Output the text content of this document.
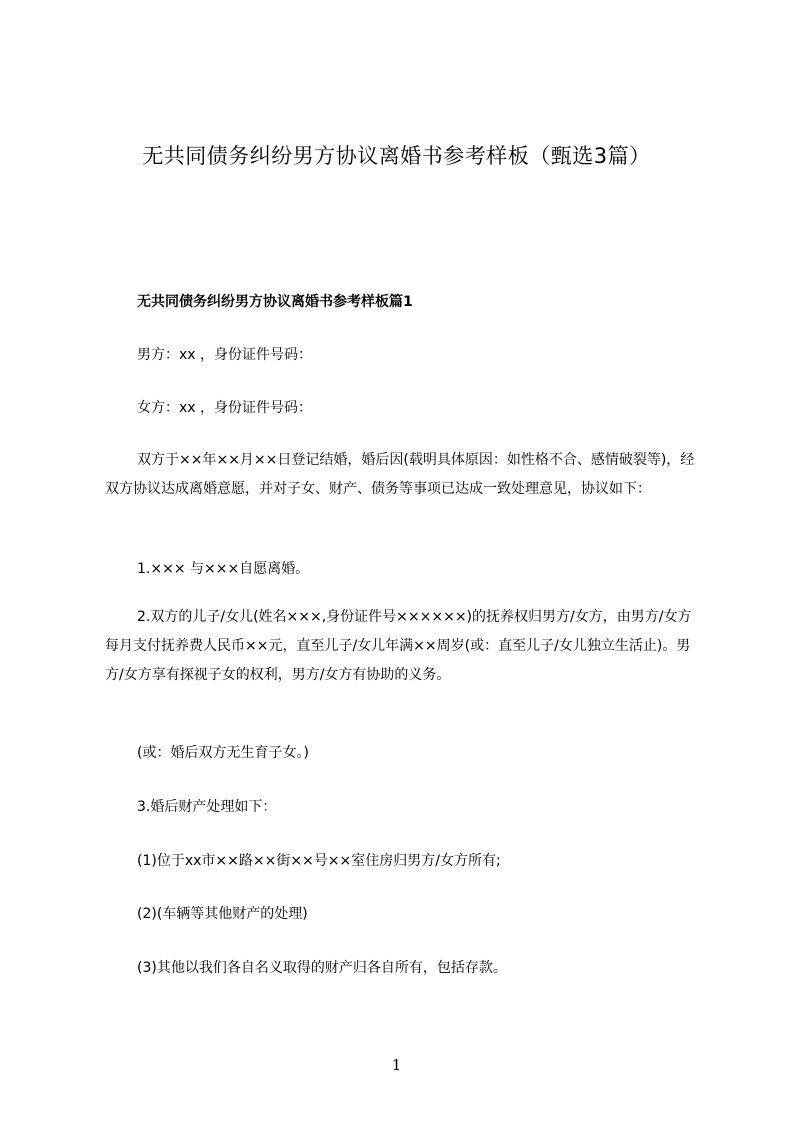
无共同债务纠纷男方协议离婚书参考样板（甄选3篇）
无共同债务纠纷男方协议离婚书参考样板篇1

男方：xx ，身份证件号码：

女方：xx ，身份证件号码：

双方于××年××月××日登记结婚，婚后因(载明具体原因：如性格不合、感情破裂等)，经双方协议达成离婚意愿，并对子女、财产、债务等事项已达成一致处理意见，协议如下：

1.××× 与×××自愿离婚。

2.双方的儿子/女儿(姓名×××,身份证件号××××××)的抚养权归男方/女方，由男方/女方每月支付抚养费人民币××元，直至儿子/女儿年满××周岁(或：直至儿子/女儿独立生活止)。男方/女方享有探视子女的权利，男方/女方有协助的义务。

(或：婚后双方无生育子女。)

3.婚后财产处理如下：

(1)位于xx市××路××街××号××室住房归男方/女方所有;

(2)(车辆等其他财产的处理)

(3)其他以我们各自名义取得的财产归各自所有，包括存款。

1
